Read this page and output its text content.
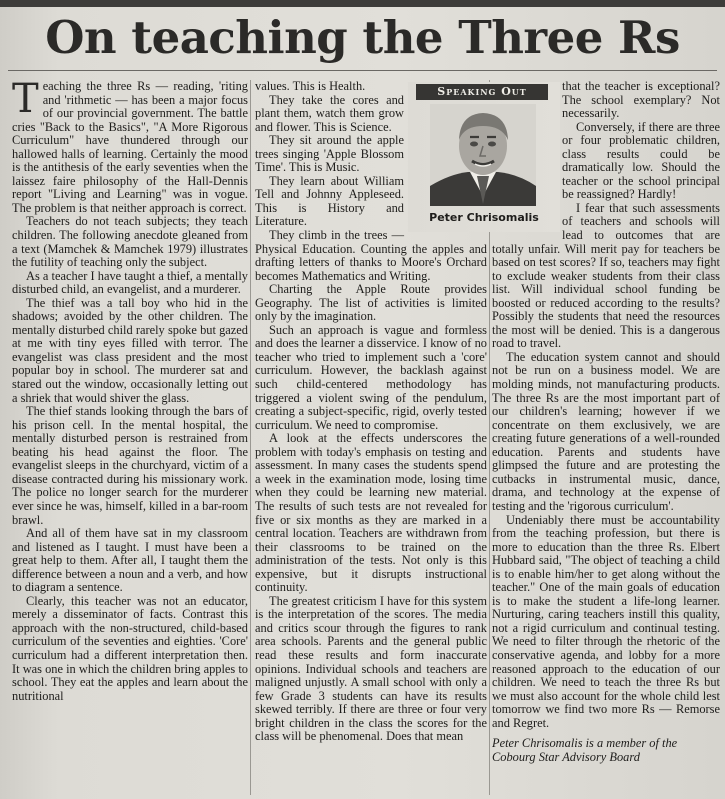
On teaching the Three Rs

Teaching the three Rs — reading, 'riting and 'rithmetic — has been a major focus of our provincial government. The battle cries "Back to the Basics", "A More Rigorous Curriculum" have thundered through our hallowed halls of learning. Certainly the mood is the antithesis of the early seventies when the laissez faire philosophy of the Hall-Dennis report "Living and Learning" was in vogue. The problem is that neither approach is correct.

Teachers do not teach subjects; they teach children. The following anecdote gleaned from a text (Mamchek & Mamchek 1979) illustrates the futility of teaching only the subject.

As a teacher I have taught a thief, a mentally disturbed child, an evangelist, and a murderer.

The thief was a tall boy who hid in the shadows; avoided by the other children. The mentally disturbed child rarely spoke but gazed at me with tiny eyes filled with terror. The evangelist was class president and the most popular boy in school. The murderer sat and stared out the window, occasionally letting out a shriek that would shiver the glass.

The thief stands looking through the bars of his prison cell. In the mental hospital, the mentally disturbed person is restrained from beating his head against the floor. The evangelist sleeps in the churchyard, victim of a disease contracted during his missionary work. The police no longer search for the murderer ever since he was, himself, killed in a bar-room brawl.

And all of them have sat in my classroom and listened as I taught. I must have been a great help to them. After all, I taught them the difference between a noun and a verb, and how to diagram a sentence.

Clearly, this teacher was not an educator, merely a disseminator of facts. Contrast this approach with the non-structured, child-based curriculum of the seventies and eighties. 'Core' curriculum had a different interpretation then. It was one in which the children bring apples to school. They eat the apples and learn about the nutritional

values. This is Health.

They take the cores and plant them, watch them grow and flower. This is Science.

They sit around the apple trees singing 'Apple Blossom Time'. This is Music.

They learn about William Tell and Johnny Appleseed. This is History and Literature.

They climb in the trees — Physical Education. Counting the apples and drafting letters of thanks to Moore's Orchard becomes Mathematics and Writing.

Charting the Apple Route provides Geography. The list of activities is limited only by the imagination.

Such an approach is vague and formless and does the learner a disservice. I know of no teacher who tried to implement such a 'core' curriculum. However, the backlash against such child-centered methodology has triggered a violent swing of the pendulum, creating a subject-specific, rigid, overly tested curriculum. We need to compromise.

A look at the effects underscores the problem with today's emphasis on testing and assessment. In many cases the students spend a week in the examination mode, losing time when they could be learning new material. The results of such tests are not revealed for five or six months as they are marked in a central location. Teachers are withdrawn from their classrooms to be trained on the administration of the tests. Not only is this expensive, but it disrupts instructional continuity.

The greatest criticism I have for this system is the interpretation of the scores. The media and critics scour through the figures to rank area schools. Parents and the general public read these results and form inaccurate opinions. Individual schools and teachers are maligned unjustly. A small school with only a few Grade 3 students can have its results skewed terribly. If there are three or four very bright children in the class the scores for the class will be phenomenal. Does that mean

that the teacher is exceptional? The school exemplary? Not necessarily.

Conversely, if there are three or four problematic children, class results could be dramatically low. Should the teacher or the school principal be reassigned? Hardly!

I fear that such assessments of teachers and schools will lead to outcomes that are totally unfair. Will merit pay for teachers be based on test scores? If so, teachers may fight to exclude weaker students from their class list. Will individual school funding be boosted or reduced according to the results? Possibly the students that need the resources the most will be denied. This is a dangerous road to travel.

The education system cannot and should not be run on a business model. We are molding minds, not manufacturing products. The three Rs are the most important part of our children's learning; however if we concentrate on them exclusively, we are creating future generations of a well-rounded education. Parents and students have glimpsed the future and are protesting the cutbacks in instrumental music, dance, drama, and technology at the expense of testing and the 'rigorous curriculum'.

Undeniably there must be accountability from the teaching profession, but there is more to education than the three Rs. Elbert Hubbard said, "The object of teaching a child is to enable him/her to get along without the teacher." One of the main goals of education is to make the student a life-long learner. Nurturing, caring teachers instill this quality, not a rigid curriculum and continual testing. We need to filter through the rhetoric of the conservative agenda, and lobby for a more reasoned approach to the education of our children. We need to teach the three Rs but we must also account for the whole child lest tomorrow we find two more Rs — Remorse and Regret.

Peter Chrisomalis is a member of the Cobourg Star Advisory Board

Speaking Out
Peter Chrisomalis
